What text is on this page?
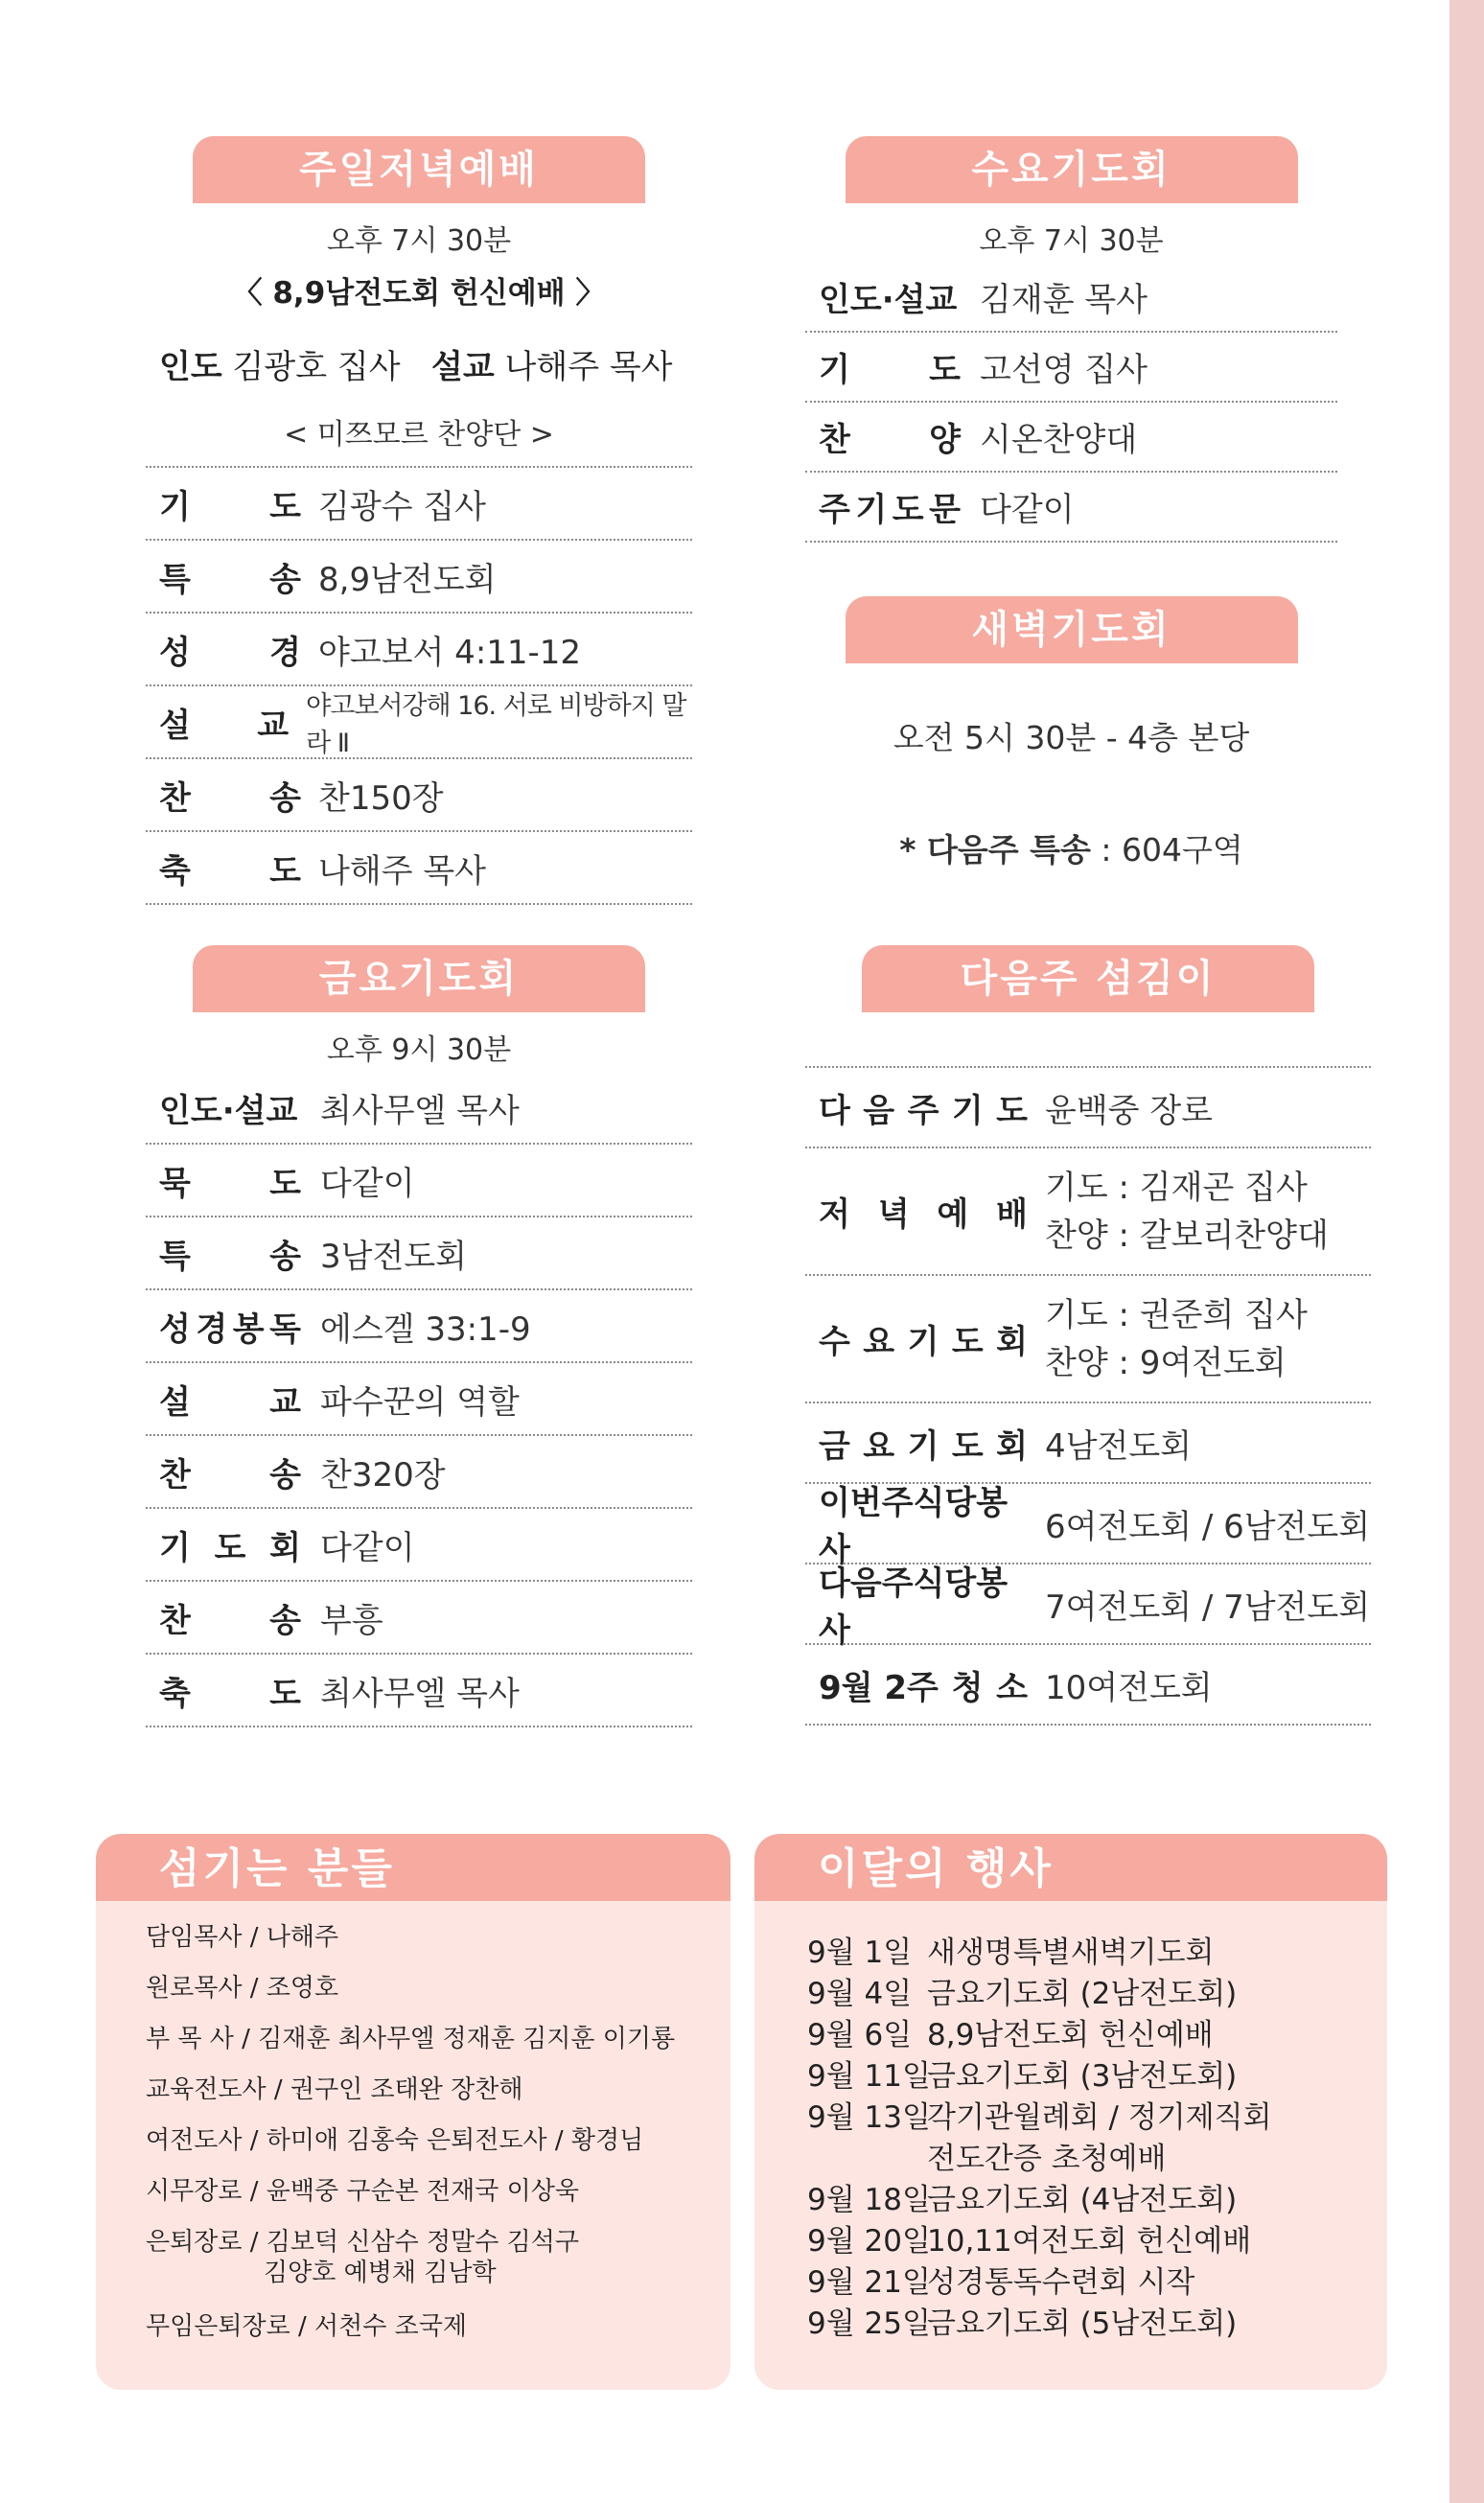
주일저녁예배
오후 7시 30분
〈 8,9남전도회 헌신예배 〉
인도 김광호 집사 설교 나해주 목사
< 미쯔모르 찬양단 >
기 도 김광수 집사
특 송 8,9남전도회
성 경 야고보서 4:11-12
설 교 야고보서강해 16. 서로 비방하지 말라 Ⅱ
찬 송 찬150장
축 도 나해주 목사
수요기도회
오후 7시 30분
인도·설교 김재훈 목사
기 도 고선영 집사
찬 양 시온찬양대
주 기 도 문 다같이
새벽기도회
오전 5시 30분 - 4층 본당
* 다음주 특송 : 604구역
금요기도회
오후 9시 30분
인도·설교 최사무엘 목사
묵 도 다같이
특 송 3남전도회
성 경 봉 독 에스겔 33:1-9
설 교 파수꾼의 역할
찬 송 찬320장
기 도 회 다같이
찬 송 부흥
축 도 최사무엘 목사
다음주 섬김이
다 음 주 기 도 윤백중 장로
저 녁 예 배
기도 : 김재곤 집사
찬양 : 갈보리찬양대
수 요 기 도 회
기도 : 권준희 집사
찬양 : 9여전도회
금 요 기 도 회 4남전도회
이번주식당봉사
6여전도회 / 6남전도회
다음주식당봉사
7여전도회 / 7남전도회
9월 2주 청 소 10여전도회
섬기는 분들
담임목사 / 나해주
원로목사 / 조영호
부 목 사 / 김재훈 최사무엘 정재훈 김지훈 이기룡
교육전도사 / 권구인 조태완 장찬해
여전도사 / 하미애 김홍숙 은퇴전도사 / 황경님
시무장로 / 윤백중 구순본 전재국 이상욱
은퇴장로 / 김보덕 신삼수 정말수 김석구
김양호 예병채 김남학
무임은퇴장로 / 서천수 조국제
이달의 행사
9월 1일 새생명특별새벽기도회
9월 4일 금요기도회 (2남전도회)
9월 6일 8,9남전도회 헌신예배
9월 11일
금요기도회 (3남전도회)
9월 13일
각기관월례회 / 정기제직회
전도간증 초청예배
9월 18일
금요기도회 (4남전도회)
9월 20일
10,11여전도회 헌신예배
9월 21일
성경통독수련회 시작
9월 25일
금요기도회 (5남전도회)
